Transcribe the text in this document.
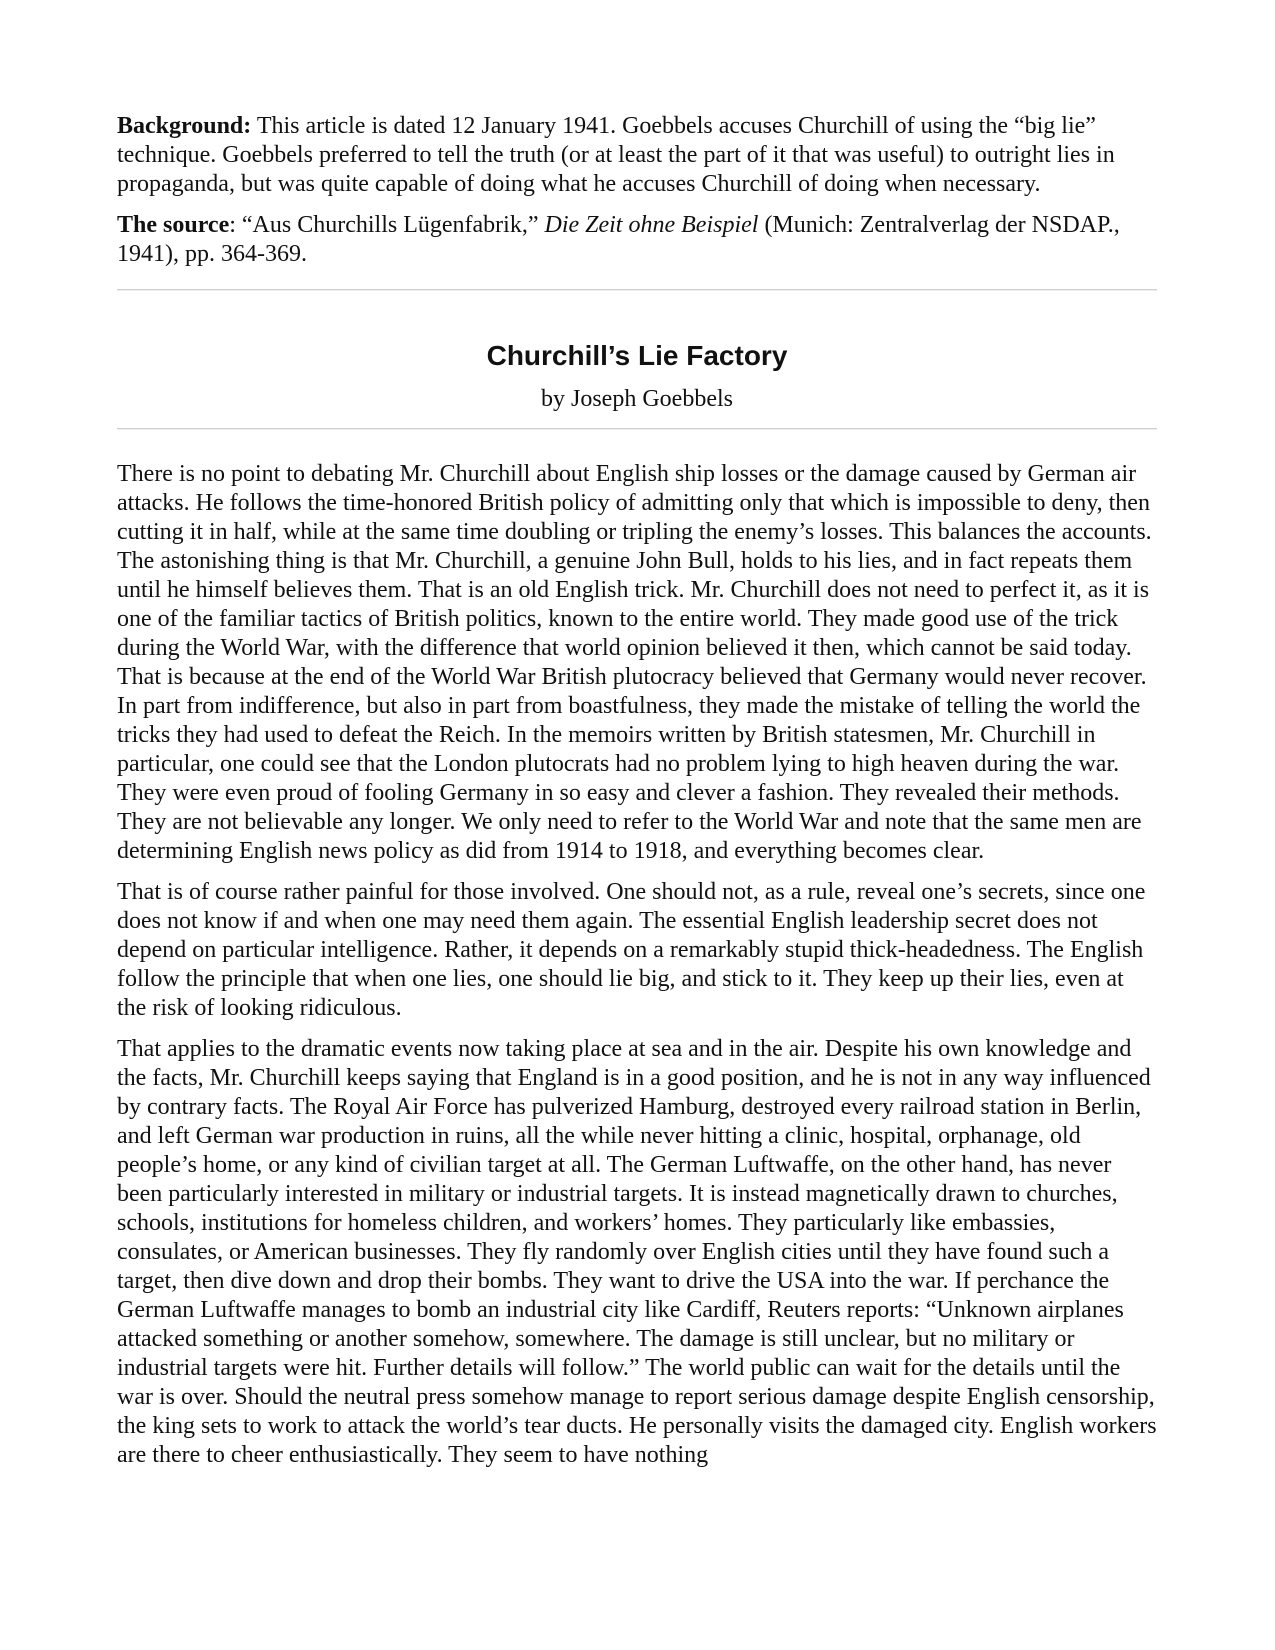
Background: This article is dated 12 January 1941. Goebbels accuses Churchill of using the “big lie” technique. Goebbels preferred to tell the truth (or at least the part of it that was useful) to outright lies in propaganda, but was quite capable of doing what he accuses Churchill of doing when necessary.

The source: “Aus Churchills Lügenfabrik,” Die Zeit ohne Beispiel (Munich: Zentralverlag der NSDAP., 1941), pp. 364-369.

Churchill’s Lie Factory
by Joseph Goebbels

There is no point to debating Mr. Churchill about English ship losses or the damage caused by German air attacks. He follows the time-honored British policy of admitting only that which is impossible to deny, then cutting it in half, while at the same time doubling or tripling the enemy’s losses. This balances the accounts. The astonishing thing is that Mr. Churchill, a genuine John Bull, holds to his lies, and in fact repeats them until he himself believes them. That is an old English trick. Mr. Churchill does not need to perfect it, as it is one of the familiar tactics of British politics, known to the entire world. They made good use of the trick during the World War, with the difference that world opinion believed it then, which cannot be said today. That is because at the end of the World War British plutocracy believed that Germany would never recover. In part from indifference, but also in part from boastfulness, they made the mistake of telling the world the tricks they had used to defeat the Reich. In the memoirs written by British statesmen, Mr. Churchill in particular, one could see that the London plutocrats had no problem lying to high heaven during the war. They were even proud of fooling Germany in so easy and clever a fashion. They revealed their methods. They are not believable any longer. We only need to refer to the World War and note that the same men are determining English news policy as did from 1914 to 1918, and everything becomes clear.

That is of course rather painful for those involved. One should not, as a rule, reveal one’s secrets, since one does not know if and when one may need them again. The essential English leadership secret does not depend on particular intelligence. Rather, it depends on a remarkably stupid thick-headedness. The English follow the principle that when one lies, one should lie big, and stick to it. They keep up their lies, even at the risk of looking ridiculous.

That applies to the dramatic events now taking place at sea and in the air. Despite his own knowledge and the facts, Mr. Churchill keeps saying that England is in a good position, and he is not in any way influenced by contrary facts. The Royal Air Force has pulverized Hamburg, destroyed every railroad station in Berlin, and left German war production in ruins, all the while never hitting a clinic, hospital, orphanage, old people’s home, or any kind of civilian target at all. The German Luftwaffe, on the other hand, has never been particularly interested in military or industrial targets. It is instead magnetically drawn to churches, schools, institutions for homeless children, and workers’ homes. They particularly like embassies, consulates, or American businesses. They fly randomly over English cities until they have found such a target, then dive down and drop their bombs. They want to drive the USA into the war. If perchance the German Luftwaffe manages to bomb an industrial city like Cardiff, Reuters reports: “Unknown airplanes attacked something or another somehow, somewhere. The damage is still unclear, but no military or industrial targets were hit. Further details will follow.” The world public can wait for the details until the war is over. Should the neutral press somehow manage to report serious damage despite English censorship, the king sets to work to attack the world’s tear ducts. He personally visits the damaged city. English workers are there to cheer enthusiastically. They seem to have nothing
